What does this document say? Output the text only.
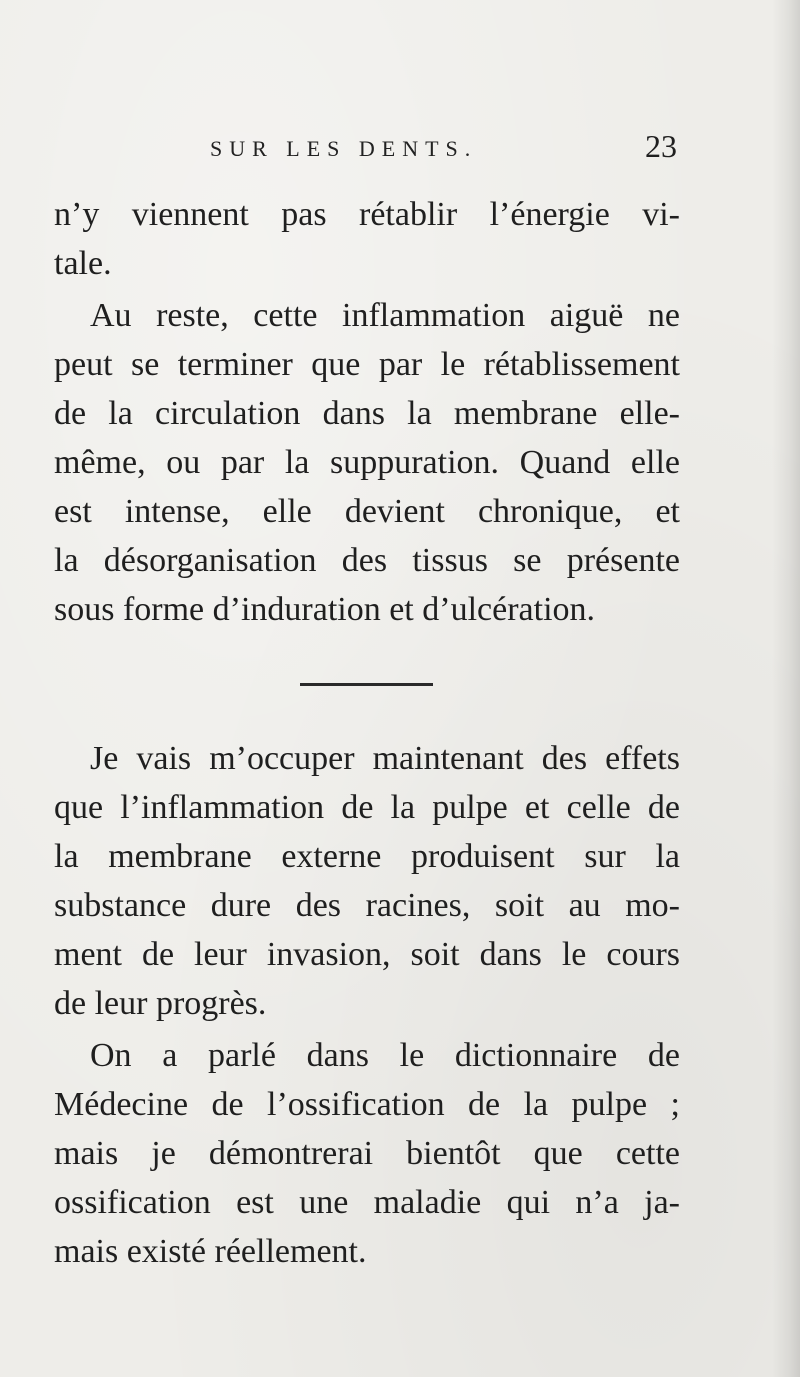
SUR LES DENTS.	23
n’y viennent pas rétablir l’énergie vi-
tale.
Au reste, cette inflammation aiguë ne
peut se terminer que par le rétablissement
de la circulation dans la membrane elle-
même, ou par la suppuration. Quand elle
est intense, elle devient chronique, et
la désorganisation des tissus se présente
sous forme d’induration et d’ulcération.
Je vais m’occuper maintenant des effets
que l’inflammation de la pulpe et celle de
la membrane externe produisent sur la
substance dure des racines, soit au mo-
ment de leur invasion, soit dans le cours
de leur progrès.
On a parlé dans le dictionnaire de
Médecine de l’ossification de la pulpe ;
mais je démontrerai bientôt que cette
ossification est une maladie qui n’a ja-
mais existé réellement.
